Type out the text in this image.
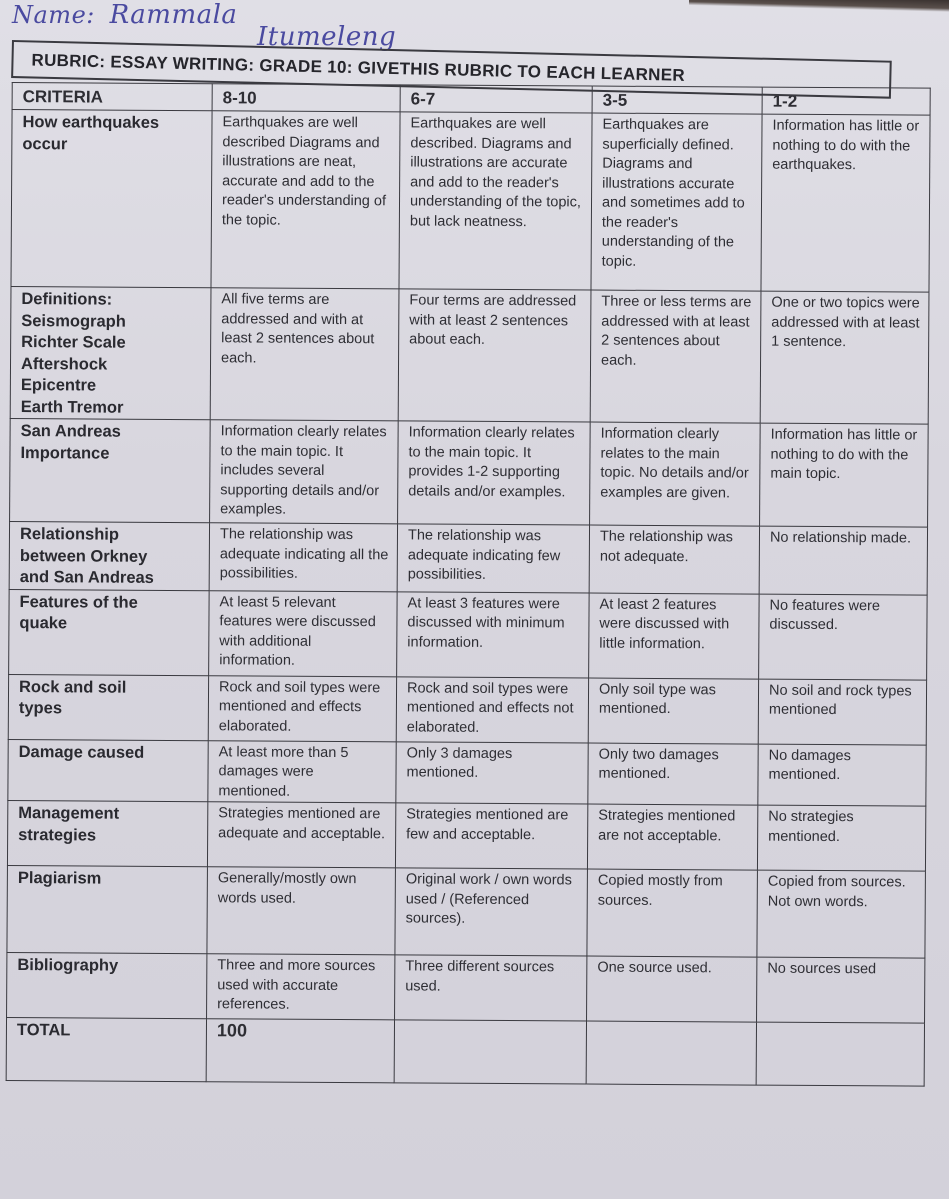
Name: Rammala
Itumeleng
RUBRIC: ESSAY WRITING: GRADE 10: GIVETHIS RUBRIC TO EACH LEARNER
CRITERIA	8-10	6-7	3-5	1-2
How earthquakes
occur	Earthquakes are well described Diagrams and illustrations are neat, accurate and add to the reader's understanding of the topic.	Earthquakes are well described. Diagrams and illustrations are accurate and add to the reader's understanding of the topic, but lack neatness.	Earthquakes are superficially defined. Diagrams and illustrations accurate and sometimes add to the reader's understanding of the topic.	Information has little or nothing to do with the earthquakes.
Definitions:
Seismograph
Richter Scale
Aftershock
Epicentre
Earth Tremor	All five terms are addressed and with at least 2 sentences about each.	Four terms are addressed with at least 2 sentences about each.	Three or less terms are addressed with at least 2 sentences about each.	One or two topics were addressed with at least 1 sentence.
San Andreas
Importance	Information clearly relates to the main topic. It includes several supporting details and/or examples.	Information clearly relates to the main topic. It provides 1-2 supporting details and/or examples.	Information clearly relates to the main topic. No details and/or examples are given.	Information has little or nothing to do with the main topic.
Relationship
between Orkney
and San Andreas	The relationship was adequate indicating all the possibilities.	The relationship was adequate indicating few possibilities.	The relationship was not adequate.	No relationship made.
Features of the
quake	At least 5 relevant features were discussed with additional information.	At least 3 features were discussed with minimum information.	At least 2 features were discussed with little information.	No features were discussed.
Rock and soil
types	Rock and soil types were mentioned and effects elaborated.	Rock and soil types were mentioned and effects not elaborated.	Only soil type was mentioned.	No soil and rock types mentioned
Damage caused	At least more than 5 damages were mentioned.	Only 3 damages mentioned.	Only two damages mentioned.	No damages mentioned.
Management
strategies	Strategies mentioned are adequate and acceptable.	Strategies mentioned are few and acceptable.	Strategies mentioned are not acceptable.	No strategies mentioned.
Plagiarism	Generally/mostly own words used.	Original work / own words used / (Referenced sources).	Copied mostly from sources.	Copied from sources. Not own words.
Bibliography	Three and more sources used with accurate references.	Three different sources used.	One source used.	No sources used
TOTAL	100			
